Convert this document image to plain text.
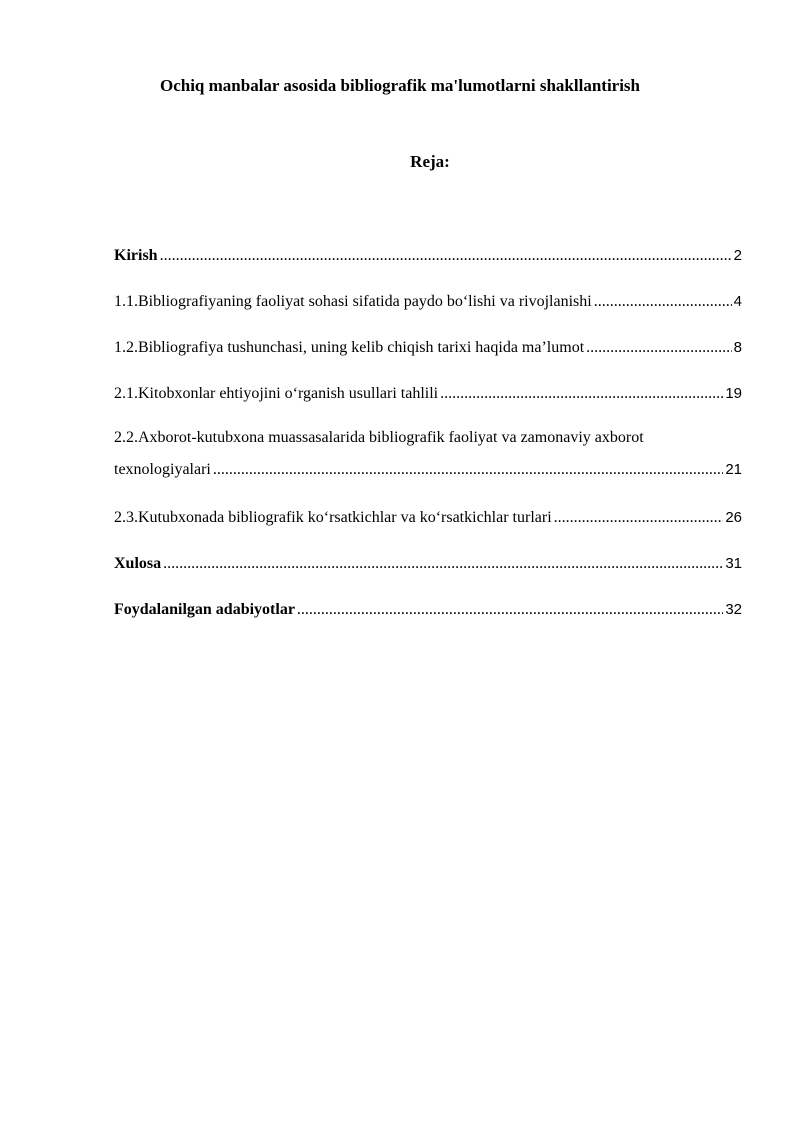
Ochiq manbalar asosida bibliografik ma'lumotlarni shakllantirish
Reja:
Kirish .....	2
1.1.Bibliografiyaning faoliyat sohasi sifatida paydo bo‘lishi va rivojlanishi .....	4
1.2.Bibliografiya tushunchasi, uning kelib chiqish tarixi haqida ma’lumot .....	8
2.1.Kitobxonlar ehtiyojini o‘rganish usullari tahlili .....	19
2.2.Axborot-kutubxona muassasalarida bibliografik faoliyat va zamonaviy axborot
texnologiyalari .....	21
2.3.Kutubxonada bibliografik ko‘rsatkichlar va ko‘rsatkichlar turlari .....	26
Xulosa .....	31
Foydalanilgan adabiyotlar .....	32
